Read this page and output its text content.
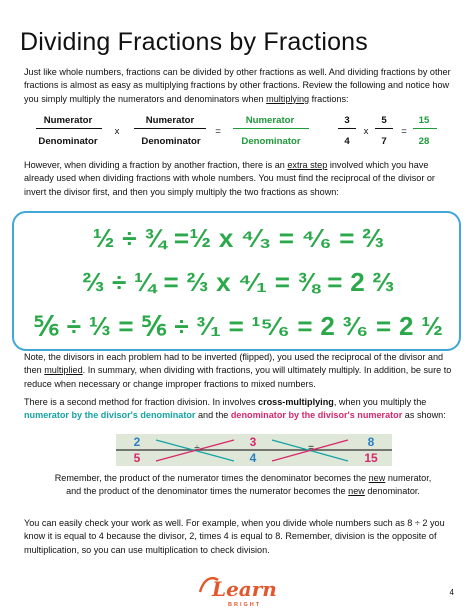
Dividing Fractions by Fractions

Just like whole numbers, fractions can be divided by other fractions as well. And dividing fractions by other fractions is almost as easy as multiplying fractions by other fractions. Review the following and notice how you simply multiply the numerators and denominators when multiplying fractions:

Numerator
Denominator
x
Numerator
Denominator
=
Numerator
Denominator
3
4
x
5
7
=
15
28

However, when dividing a fraction by another fraction, there is an extra step involved which you have already used when dividing fractions with whole numbers. You must find the reciprocal of the divisor or invert the divisor first, and then you simply multiply the two fractions as shown:

½ ÷ ¾ =½ x ⁴⁄₃ = ⁴⁄₆ = ⅔
⅔ ÷ ¼ = ⅔ x ⁴⁄₁ = ⅜ = 2 ⅔
⅚ ÷ ⅓ = ⅚ ÷ ³⁄₁ = ¹⁵⁄₆ = 2 ³⁄₆ = 2 ½

Note, the divisors in each problem had to be inverted (flipped), you used the reciprocal of the divisor and then multiplied. In summary, when dividing with fractions, you will ultimately multiply. In addition, be sure to reduce when necessary or change improper fractions to mixed numbers.

There is a second method for fraction division. In involves cross-multiplying, when you multiply the numerator by the divisor's denominator and the denominator by the divisor's numerator as shown:

2
5
÷	3
4
=	8
15

Remember, the product of the numerator times the denominator becomes the new numerator, and the product of the denominator times the numerator becomes the new denominator.

You can easily check your work as well. For example, when you divide whole numbers such as 8 ÷ 2 you know it is equal to 4 because the divisor, 2, times 4 is equal to 8. Remember, division is the opposite of multiplication, so you can use multiplication to check division.

Learn
BRIGHT
4
